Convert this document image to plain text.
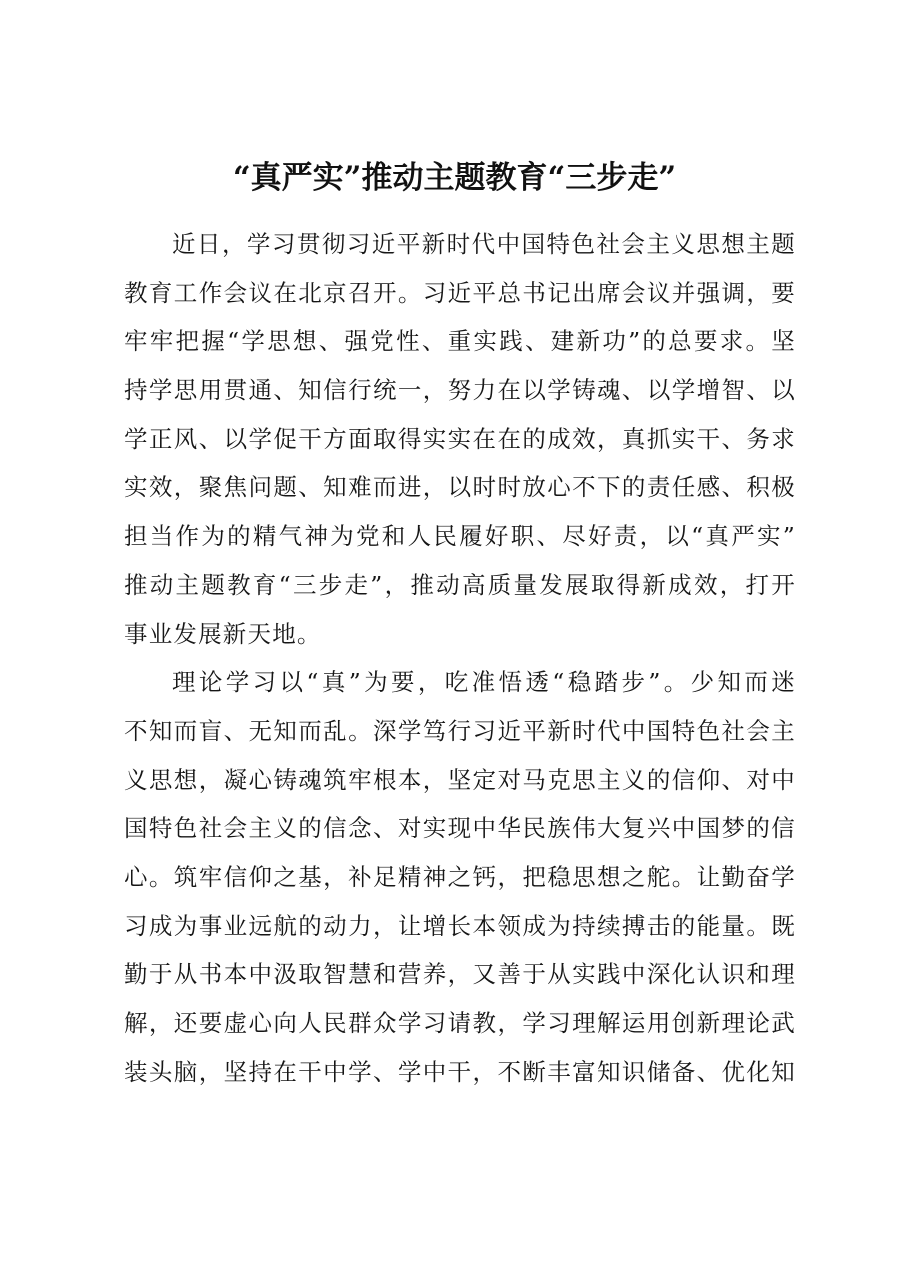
“真严实”推动主题教育“三步走”

近日，学习贯彻习近平新时代中国特色社会主义思想主题

教育工作会议在北京召开。习近平总书记出席会议并强调，要

牢牢把握“学思想、强党性、重实践、建新功”的总要求。坚

持学思用贯通、知信行统一，努力在以学铸魂、以学增智、以

学正风、以学促干方面取得实实在在的成效，真抓实干、务求

实效，聚焦问题、知难而进，以时时放心不下的责任感、积极

担当作为的精气神为党和人民履好职、尽好责，以“真严实”

推动主题教育“三步走”，推动高质量发展取得新成效，打开

事业发展新天地。

理论学习以“真”为要，吃准悟透“稳踏步”。少知而迷

不知而盲、无知而乱。深学笃行习近平新时代中国特色社会主

义思想，凝心铸魂筑牢根本，坚定对马克思主义的信仰、对中

国特色社会主义的信念、对实现中华民族伟大复兴中国梦的信

心。筑牢信仰之基，补足精神之钙，把稳思想之舵。让勤奋学

习成为事业远航的动力，让增长本领成为持续搏击的能量。既

勤于从书本中汲取智慧和营养，又善于从实践中深化认识和理

解，还要虚心向人民群众学习请教，学习理解运用创新理论武

装头脑，坚持在干中学、学中干，不断丰富知识储备、优化知
